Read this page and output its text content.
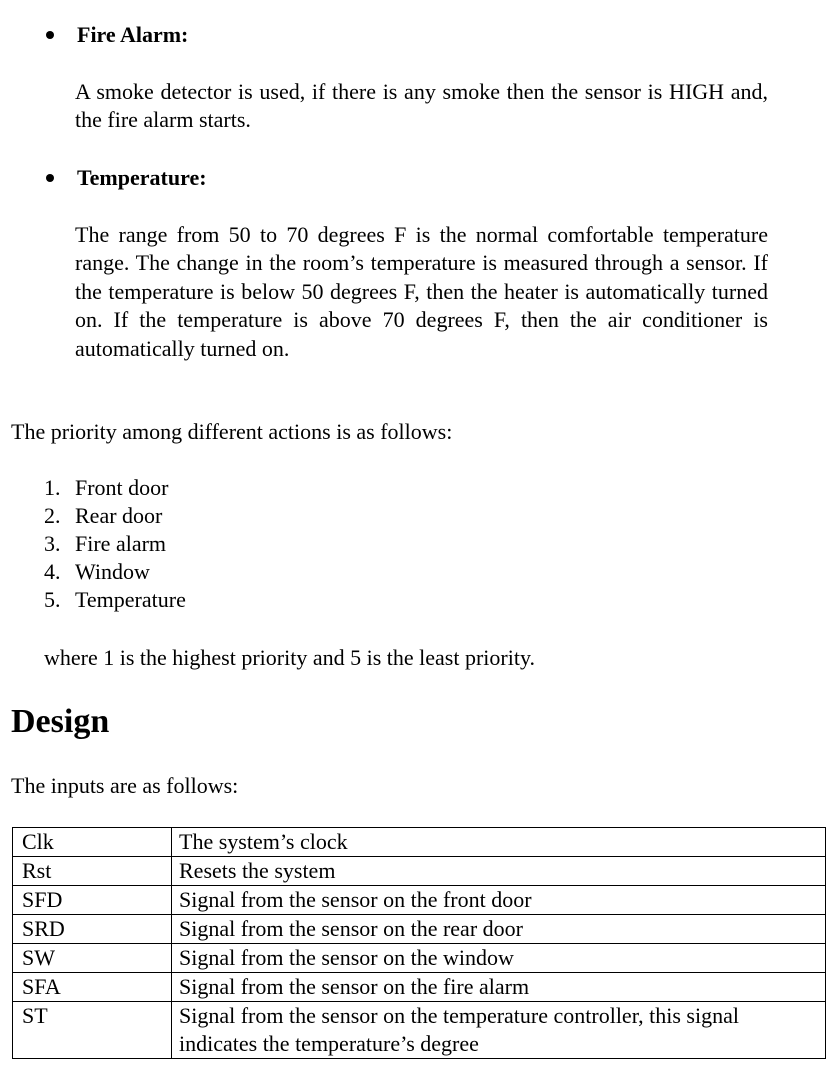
Fire Alarm:

A smoke detector is used, if there is any smoke then the sensor is HIGH and, the fire alarm starts.

Temperature:

The range from 50 to 70 degrees F is the normal comfortable temperature range. The change in the room’s temperature is measured through a sensor. If the temperature is below 50 degrees F, then the heater is automatically turned on. If the temperature is above 70 degrees F, then the air conditioner is automatically turned on.

The priority among different actions is as follows:

1. Front door
2. Rear door
3. Fire alarm
4. Window
5. Temperature

where 1 is the highest priority and 5 is the least priority.

Design

The inputs are as follows:

Clk	The system’s clock
Rst	Resets the system
SFD	Signal from the sensor on the front door
SRD	Signal from the sensor on the rear door
SW	Signal from the sensor on the window
SFA	Signal from the sensor on the fire alarm
ST	Signal from the sensor on the temperature controller, this signal indicates the temperature’s degree
